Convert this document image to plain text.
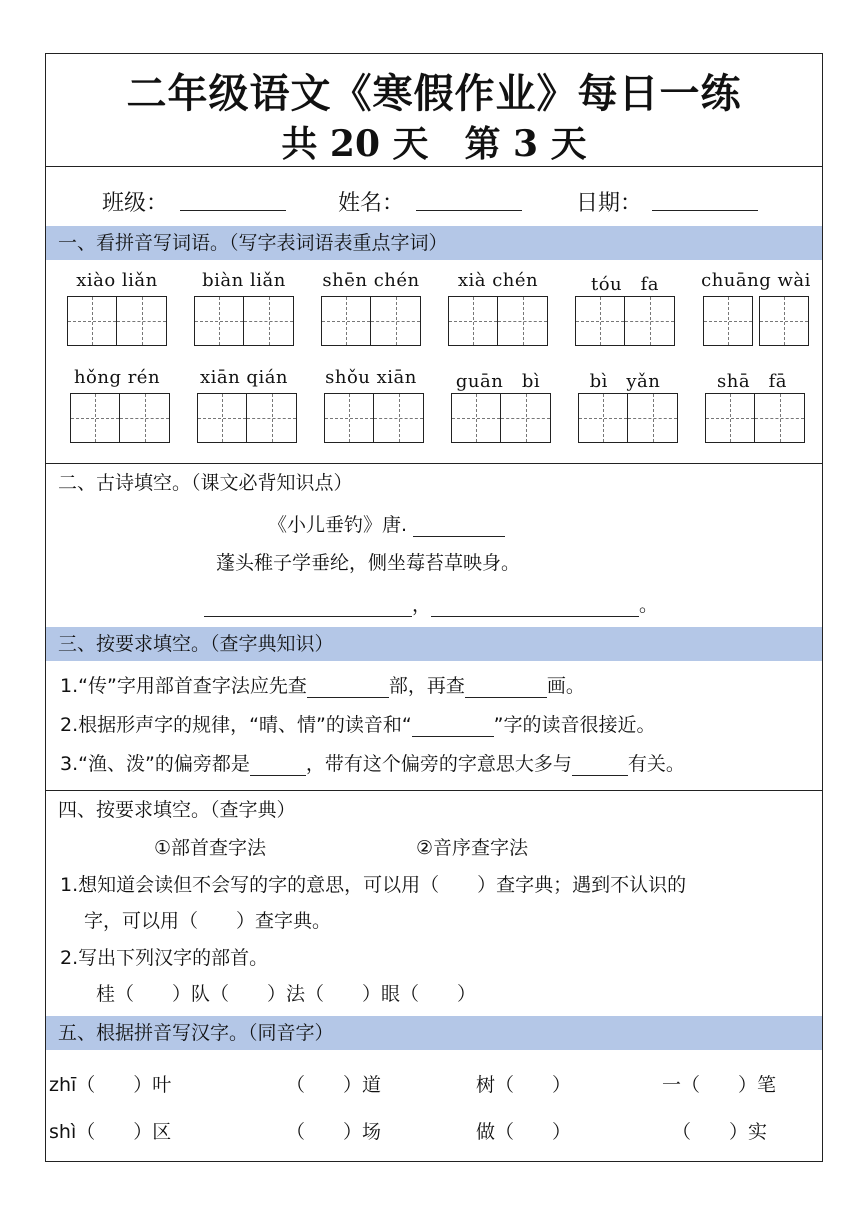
二年级语文《寒假作业》每日一练
共 20 天　第 3 天
班级：	姓名：	日期：
一、看拼音写词语。（写字表词语表重点字词）
xiào liǎn	biàn liǎn	shēn chén	xià chén	tóu　fa	chuāng wài
hǒng rén	xiān qián	shǒu xiān	guān　bì	bì　yǎn	shā　fā
二、古诗填空。（课文必背知识点）
《小儿垂钓》唐.
蓬头稚子学垂纶，侧坐莓苔草映身。
，	。
三、按要求填空。（查字典知识）
1.“传”字用部首查字法应先查	部，再查	画。
2.根据形声字的规律，“晴、情”的读音和“	”字的读音很接近。
3.“渔、泼”的偏旁都是	，带有这个偏旁的字意思大多与	有关。
四、按要求填空。（查字典）
①部首查字法	②音序查字法
1.想知道会读但不会写的字的意思，可以用（　　）查字典；遇到不认识的
字，可以用（　　）查字典。
2.写出下列汉字的部首。
桂（　　）队（　　）法（　　）眼（　　）
五、根据拼音写汉字。（同音字）
zhī（　　）叶	（　　）道	树（　　）	一（　　）笔
shì（　　）区	（　　）场	做（　　）	（　　）实
